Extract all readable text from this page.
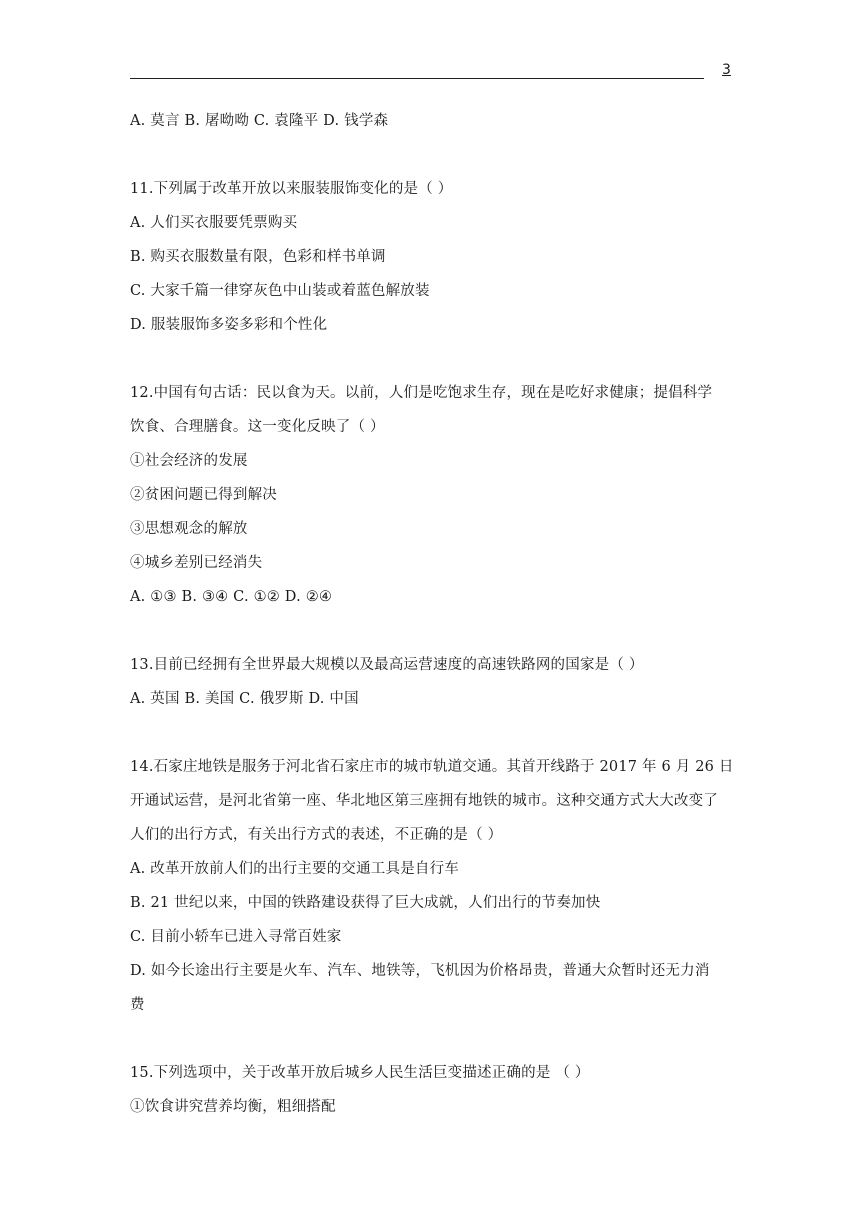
3
A. 莫言 B. 屠呦呦 C. 袁隆平 D. 钱学森
11.下列属于改革开放以来服装服饰变化的是（ ）
A. 人们买衣服要凭票购买
B. 购买衣服数量有限，色彩和样书单调
C. 大家千篇一律穿灰色中山装或着蓝色解放装
D. 服装服饰多姿多彩和个性化
12.中国有句古话：民以食为天。以前，人们是吃饱求生存，现在是吃好求健康；提倡科学
饮食、合理膳食。这一变化反映了（ ）
①社会经济的发展
②贫困问题已得到解决
③思想观念的解放
④城乡差别已经消失
A. ①③ B. ③④ C. ①② D. ②④
13.目前已经拥有全世界最大规模以及最高运营速度的高速铁路网的国家是（ ）
A. 英国 B. 美国 C. 俄罗斯 D. 中国
14.石家庄地铁是服务于河北省石家庄市的城市轨道交通。其首开线路于 2017 年 6 月 26 日
开通试运营，是河北省第一座、华北地区第三座拥有地铁的城市。这种交通方式大大改变了
人们的出行方式，有关出行方式的表述，不正确的是（ ）
A. 改革开放前人们的出行主要的交通工具是自行车
B. 21 世纪以来，中国的铁路建设获得了巨大成就，人们出行的节奏加快
C. 目前小轿车已进入寻常百姓家
D. 如今长途出行主要是火车、汽车、地铁等，飞机因为价格昂贵，普通大众暂时还无力消
费
15.下列选项中，关于改革开放后城乡人民生活巨变描述正确的是 （ ）
①饮食讲究营养均衡，粗细搭配
